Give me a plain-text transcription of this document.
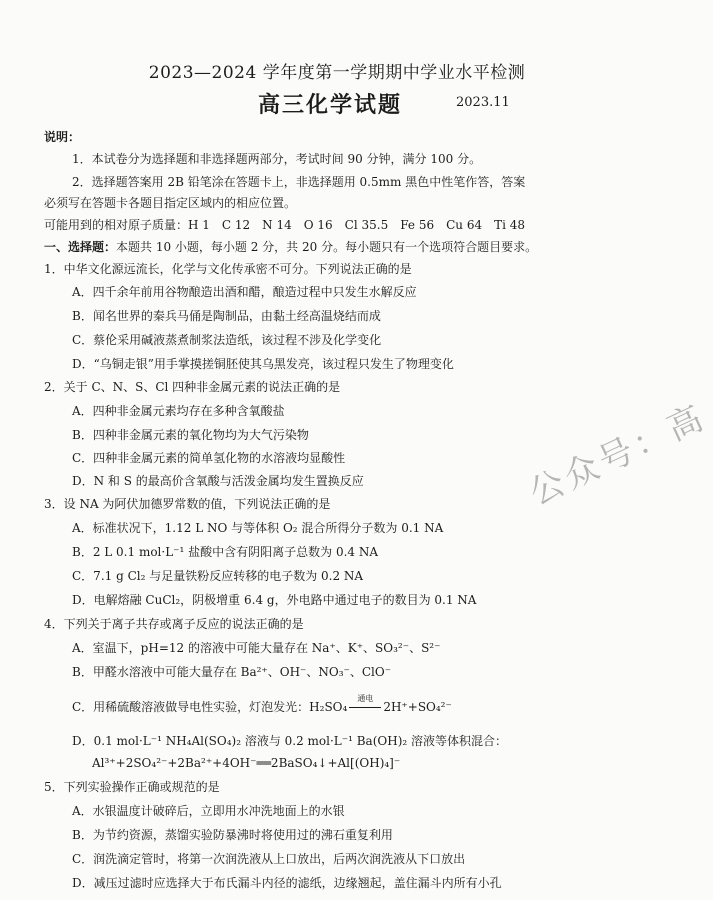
2023—2024 学年度第一学期期中学业水平检测
高三化学试题	2023.11
说明：
1．本试卷分为选择题和非选择题两部分，考试时间 90 分钟，满分 100 分。
2．选择题答案用 2B 铅笔涂在答题卡上，非选择题用 0.5mm 黑色中性笔作答，答案
必须写在答题卡各题目指定区域内的相应位置。
可能用到的相对原子质量：H 1　C 12　N 14　O 16　Cl 35.5　Fe 56　Cu 64　Ti 48
一、选择题：本题共 10 小题，每小题 2 分，共 20 分。每小题只有一个选项符合题目要求。
1．中华文化源远流长，化学与文化传承密不可分。下列说法正确的是
A．四千余年前用谷物酿造出酒和醋，酿造过程中只发生水解反应
B．闻名世界的秦兵马俑是陶制品，由黏土经高温烧结而成
C．蔡伦采用碱液蒸煮制浆法造纸，该过程不涉及化学变化
D．“乌铜走银”用手掌摸搓铜胚使其乌黑发亮，该过程只发生了物理变化
2．关于 C、N、S、Cl 四种非金属元素的说法正确的是
A．四种非金属元素均存在多种含氧酸盐
B．四种非金属元素的氧化物均为大气污染物
C．四种非金属元素的简单氢化物的水溶液均显酸性
D．N 和 S 的最高价含氧酸与活泼金属均发生置换反应
3．设 NA 为阿伏加德罗常数的值，下列说法正确的是
A．标准状况下，1.12 L NO 与等体积 O₂ 混合所得分子数为 0.1 NA
B．2 L 0.1 mol·L⁻¹ 盐酸中含有阴阳离子总数为 0.4 NA
C．7.1 g Cl₂ 与足量铁粉反应转移的电子数为 0.2 NA
D．电解熔融 CuCl₂，阴极增重 6.4 g，外电路中通过电子的数目为 0.1 NA
4．下列关于离子共存或离子反应的说法正确的是
A．室温下，pH=12 的溶液中可能大量存在 Na⁺、K⁺、SO₃²⁻、S²⁻
B．甲醛水溶液中可能大量存在 Ba²⁺、OH⁻、NO₃⁻、ClO⁻
C．用稀硫酸溶液做导电性实验，灯泡发光：H₂SO₄
通电
2H⁺+SO₄²⁻
D．0.1 mol·L⁻¹ NH₄Al(SO₄)₂ 溶液与 0.2 mol·L⁻¹ Ba(OH)₂ 溶液等体积混合：
Al³⁺+2SO₄²⁻+2Ba²⁺+4OH⁻══2BaSO₄↓+Al[(OH)₄]⁻
5．下列实验操作正确或规范的是
A．水银温度计破碎后，立即用水冲洗地面上的水银
B．为节约资源，蒸馏实验防暴沸时将使用过的沸石重复利用
C．润洗滴定管时，将第一次润洗液从上口放出，后两次润洗液从下口放出
D．减压过滤时应选择大于布氏漏斗内径的滤纸，边缘翘起，盖住漏斗内所有小孔
公众号：高
